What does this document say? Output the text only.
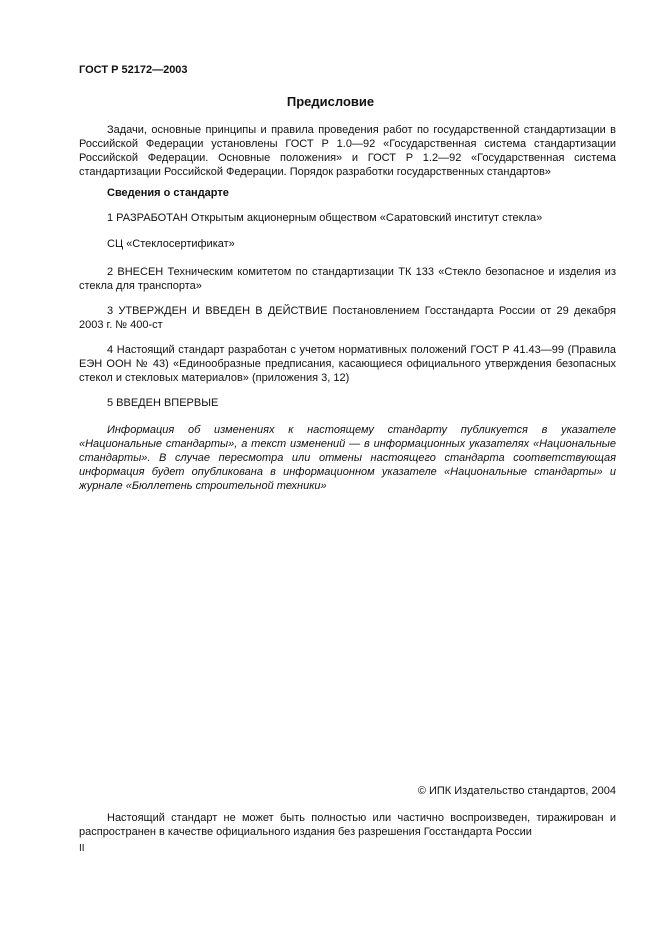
ГОСТ Р 52172—2003
Предисловие
Задачи, основные принципы и правила проведения работ по государственной стандартизации в Российской Федерации установлены ГОСТ Р 1.0—92 «Государственная система стандартизации Российской Федерации. Основные положения» и ГОСТ Р 1.2—92 «Государственная система стандартизации Российской Федерации. Порядок разработки государственных стандартов»
Сведения о стандарте
1 РАЗРАБОТАН Открытым акционерным обществом «Саратовский институт стекла»
СЦ «Стеклосертификат»
2 ВНЕСЕН Техническим комитетом по стандартизации ТК 133 «Стекло безопасное и изделия из стекла для транспорта»
3 УТВЕРЖДЕН И ВВЕДЕН В ДЕЙСТВИЕ Постановлением Госстандарта России от 29 декабря 2003 г. № 400-ст
4 Настоящий стандарт разработан с учетом нормативных положений ГОСТ Р 41.43—99 (Правила ЕЭН ООН № 43) «Единообразные предписания, касающиеся официального утверждения безопасных стекол и стекловых материалов» (приложения 3, 12)
5 ВВЕДЕН ВПЕРВЫЕ
Информация об изменениях к настоящему стандарту публикуется в указателе «Национальные стандарты», а текст изменений — в информационных указателях «Национальные стандарты». В случае пересмотра или отмены настоящего стандарта соответствующая информация будет опубликована в информационном указателе «Национальные стандарты» и журнале «Бюллетень строительной техники»
© ИПК Издательство стандартов, 2004
Настоящий стандарт не может быть полностью или частично воспроизведен, тиражирован и распространен в качестве официального издания без разрешения Госстандарта России
II
